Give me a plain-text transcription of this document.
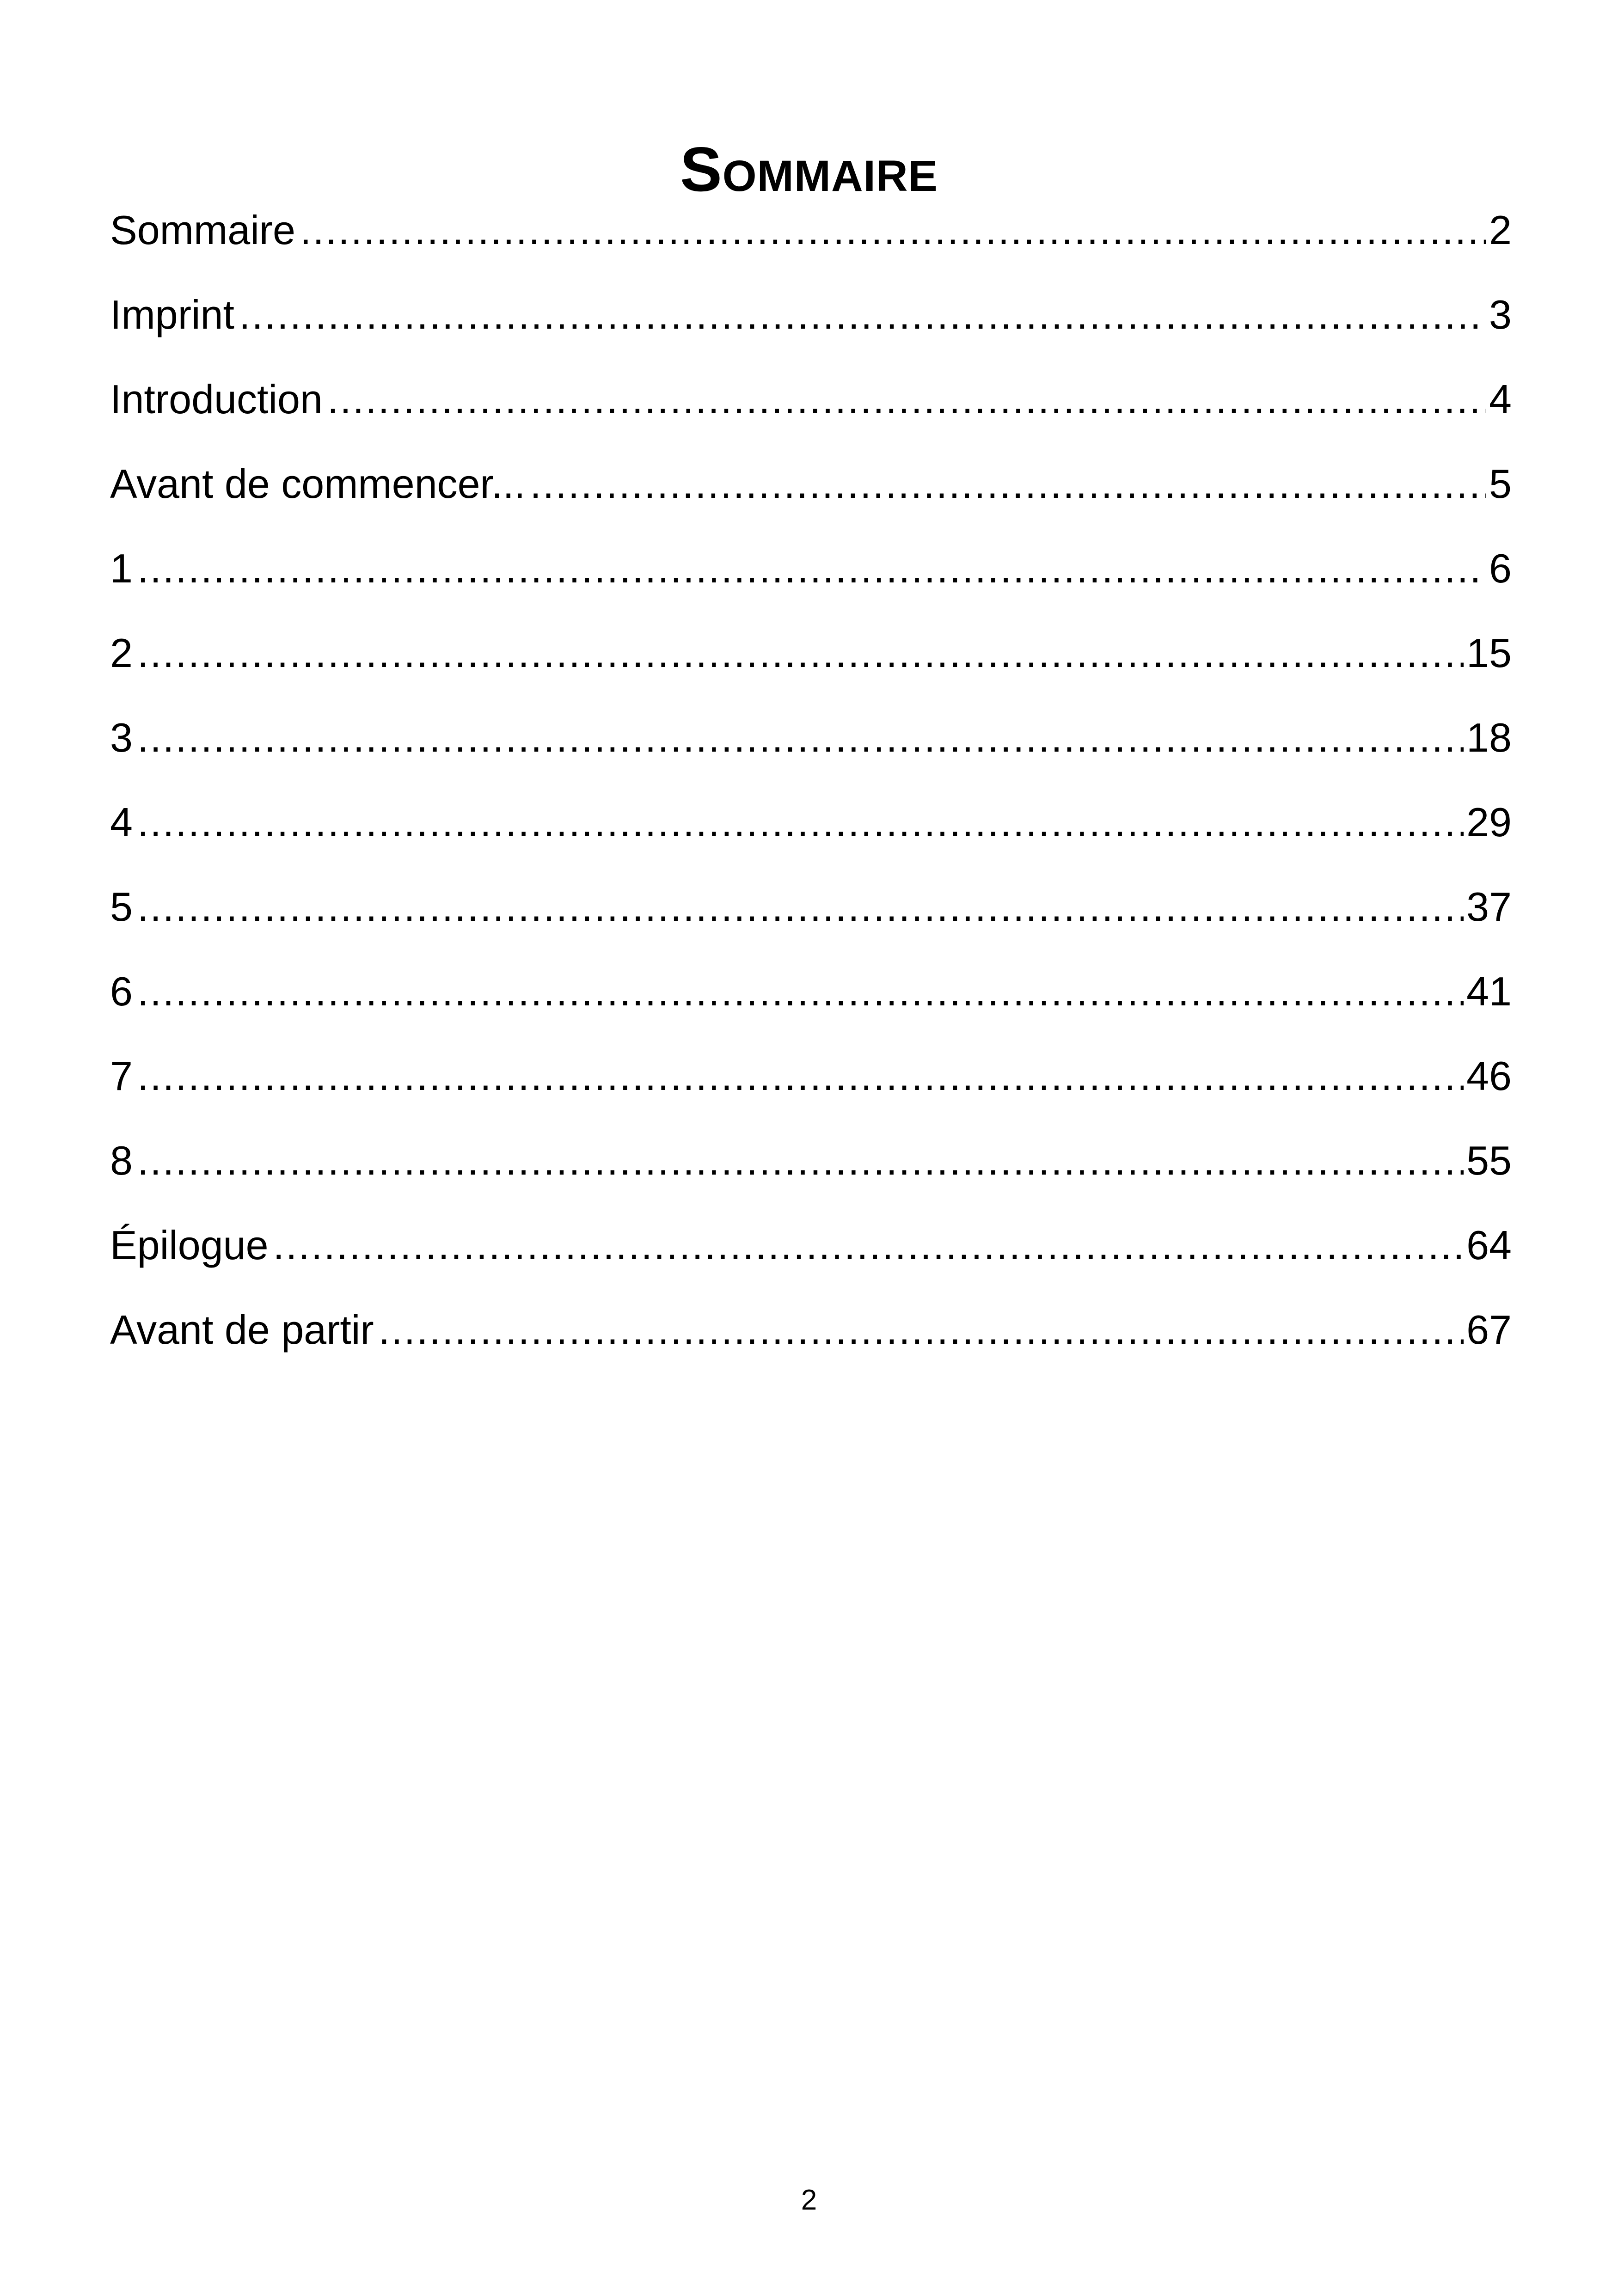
Sommaire
Sommaire .....	2
Imprint .....	3
Introduction .....	4
Avant de commencer... .....	5
1 .....	6
2 .....	15
3 .....	18
4 .....	29
5 .....	37
6 .....	41
7 .....	46
8 .....	55
Épilogue .....	64
Avant de partir .....	67
2
